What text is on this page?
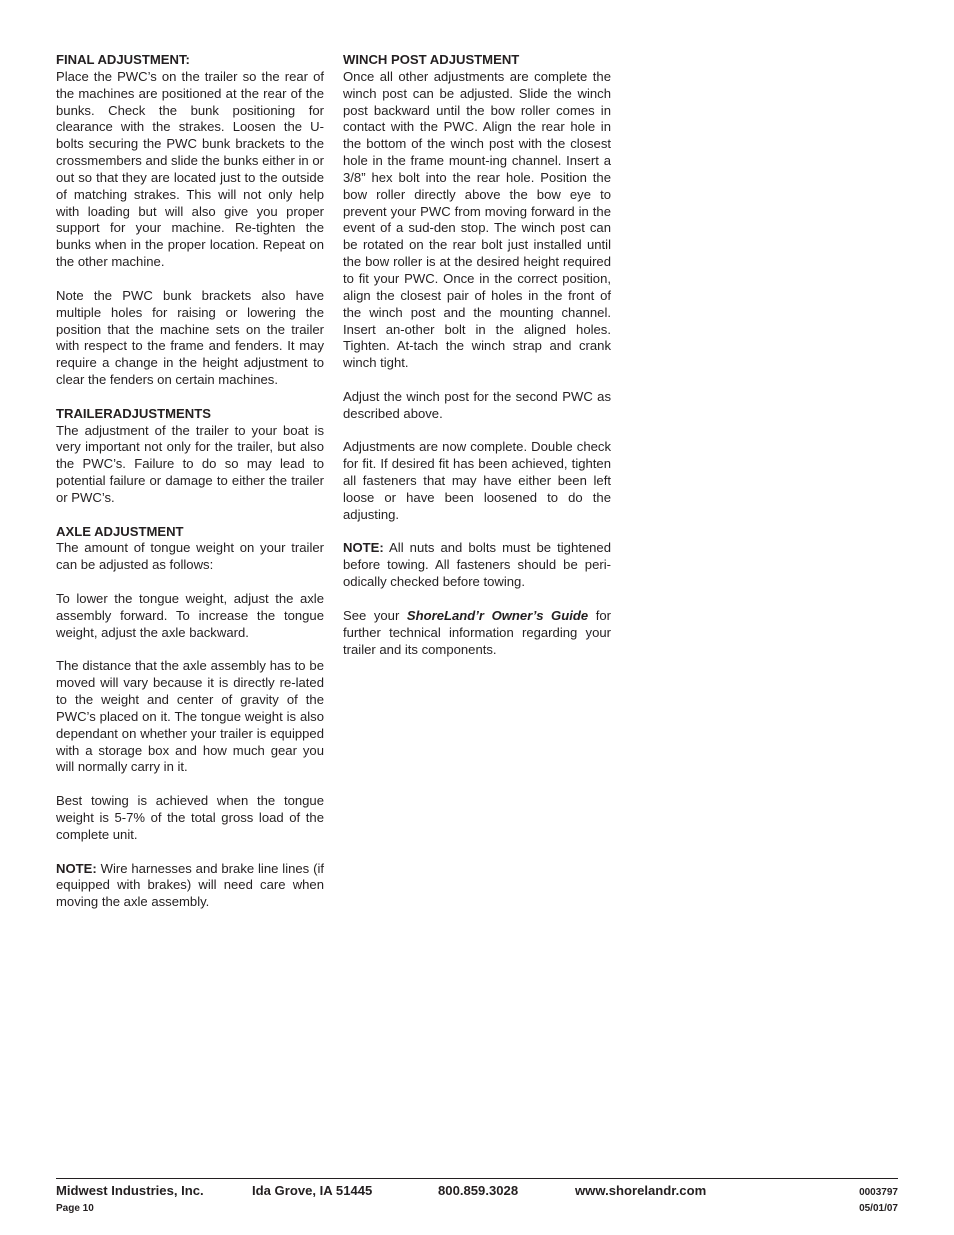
FINAL ADJUSTMENT:

Place the PWC’s on the trailer so the rear of the machines are positioned at the rear of the bunks. Check the bunk positioning for clearance with the strakes. Loosen the U-bolts securing the PWC bunk brackets to the crossmembers and slide the bunks either in or out so that they are located just to the outside of matching strakes. This will not only help with loading but will also give you proper support for your machine. Re-tighten the bunks when in the proper location. Repeat on the other machine.

Note the PWC bunk brackets also have multiple holes for raising or lowering the position that the machine sets on the trailer with respect to the frame and fenders. It may require a change in the height adjustment to clear the fenders on certain machines.

TRAILERADJUSTMENTS

The adjustment of the trailer to your boat is very important not only for the trailer, but also the PWC’s. Failure to do so may lead to potential failure or damage to either the trailer or PWC’s.

AXLE ADJUSTMENT

The amount of tongue weight on your trailer can be adjusted as follows:

To lower the tongue weight, adjust the axle assembly forward. To increase the tongue weight, adjust the axle backward.

The distance that the axle assembly has to be moved will vary because it is directly re-lated to the weight and center of gravity of the PWC’s placed on it. The tongue weight is also dependant on whether your trailer is equipped with a storage box and how much gear you will normally carry in it.

Best towing is achieved when the tongue weight is 5-7% of the total gross load of the complete unit.

NOTE: Wire harnesses and brake line lines (if equipped with brakes) will need care when moving the axle assembly.

WINCH POST ADJUSTMENT

Once all other adjustments are complete the winch post can be adjusted. Slide the winch post backward until the bow roller comes in contact with the PWC. Align the rear hole in the bottom of the winch post with the closest hole in the frame mount-ing channel. Insert a 3/8” hex bolt into the rear hole. Position the bow roller directly above the bow eye to prevent your PWC from moving forward in the event of a sud-den stop. The winch post can be rotated on the rear bolt just installed until the bow roller is at the desired height required to fit your PWC. Once in the correct position, align the closest pair of holes in the front of the winch post and the mounting channel. Insert an-other bolt in the aligned holes. Tighten. At-tach the winch strap and crank winch tight.

Adjust the winch post for the second PWC as described above.

Adjustments are now complete. Double check for fit. If desired fit has been achieved, tighten all fasteners that may have either been left loose or have been loosened to do the adjusting.

NOTE: All nuts and bolts must be tightened before towing. All fasteners should be peri-odically checked before towing.

See your ShoreLand’r Owner’s Guide for further technical information regarding your trailer and its components.

Midwest Industries, Inc.	Ida Grove, IA 51445	800.859.3028	www.shorelandr.com	0003797
Page 10	05/01/07
